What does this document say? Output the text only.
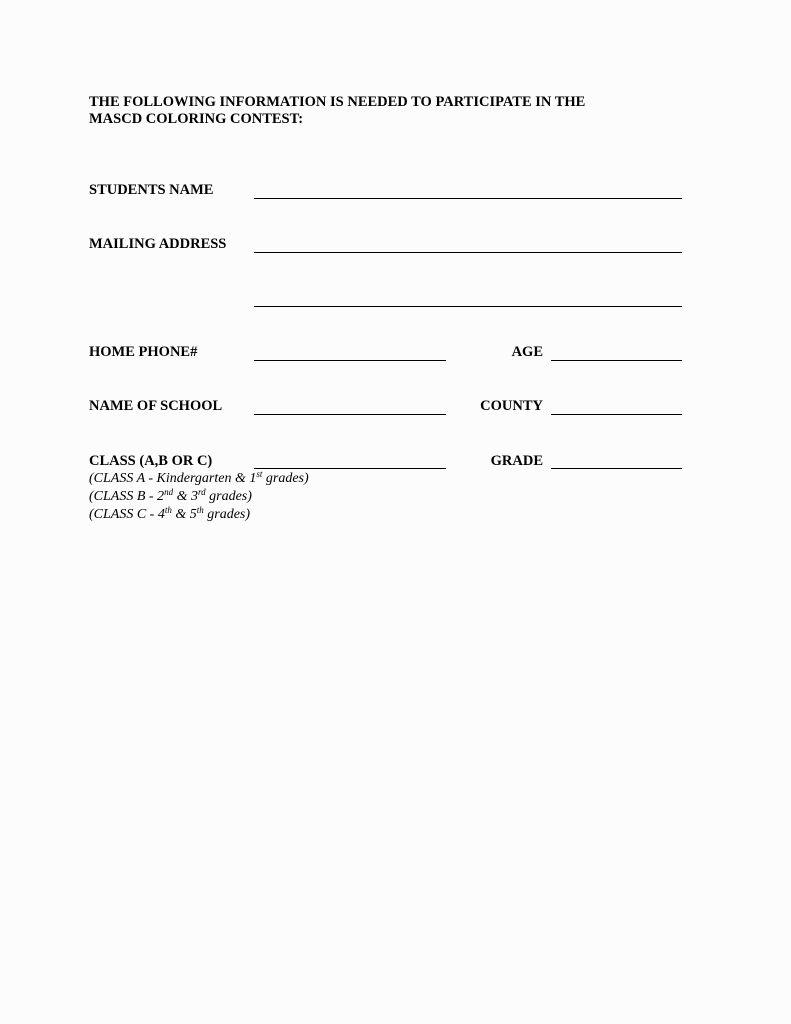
THE FOLLOWING INFORMATION IS NEEDED TO PARTICIPATE IN THE
MASCD COLORING CONTEST:
STUDENTS NAME
MAILING ADDRESS
HOME PHONE#	AGE
NAME OF SCHOOL	COUNTY
CLASS (A,B OR C)	GRADE
(CLASS A - Kindergarten & 1st grades)
(CLASS B - 2nd & 3rd grades)
(CLASS C - 4th & 5th grades)
